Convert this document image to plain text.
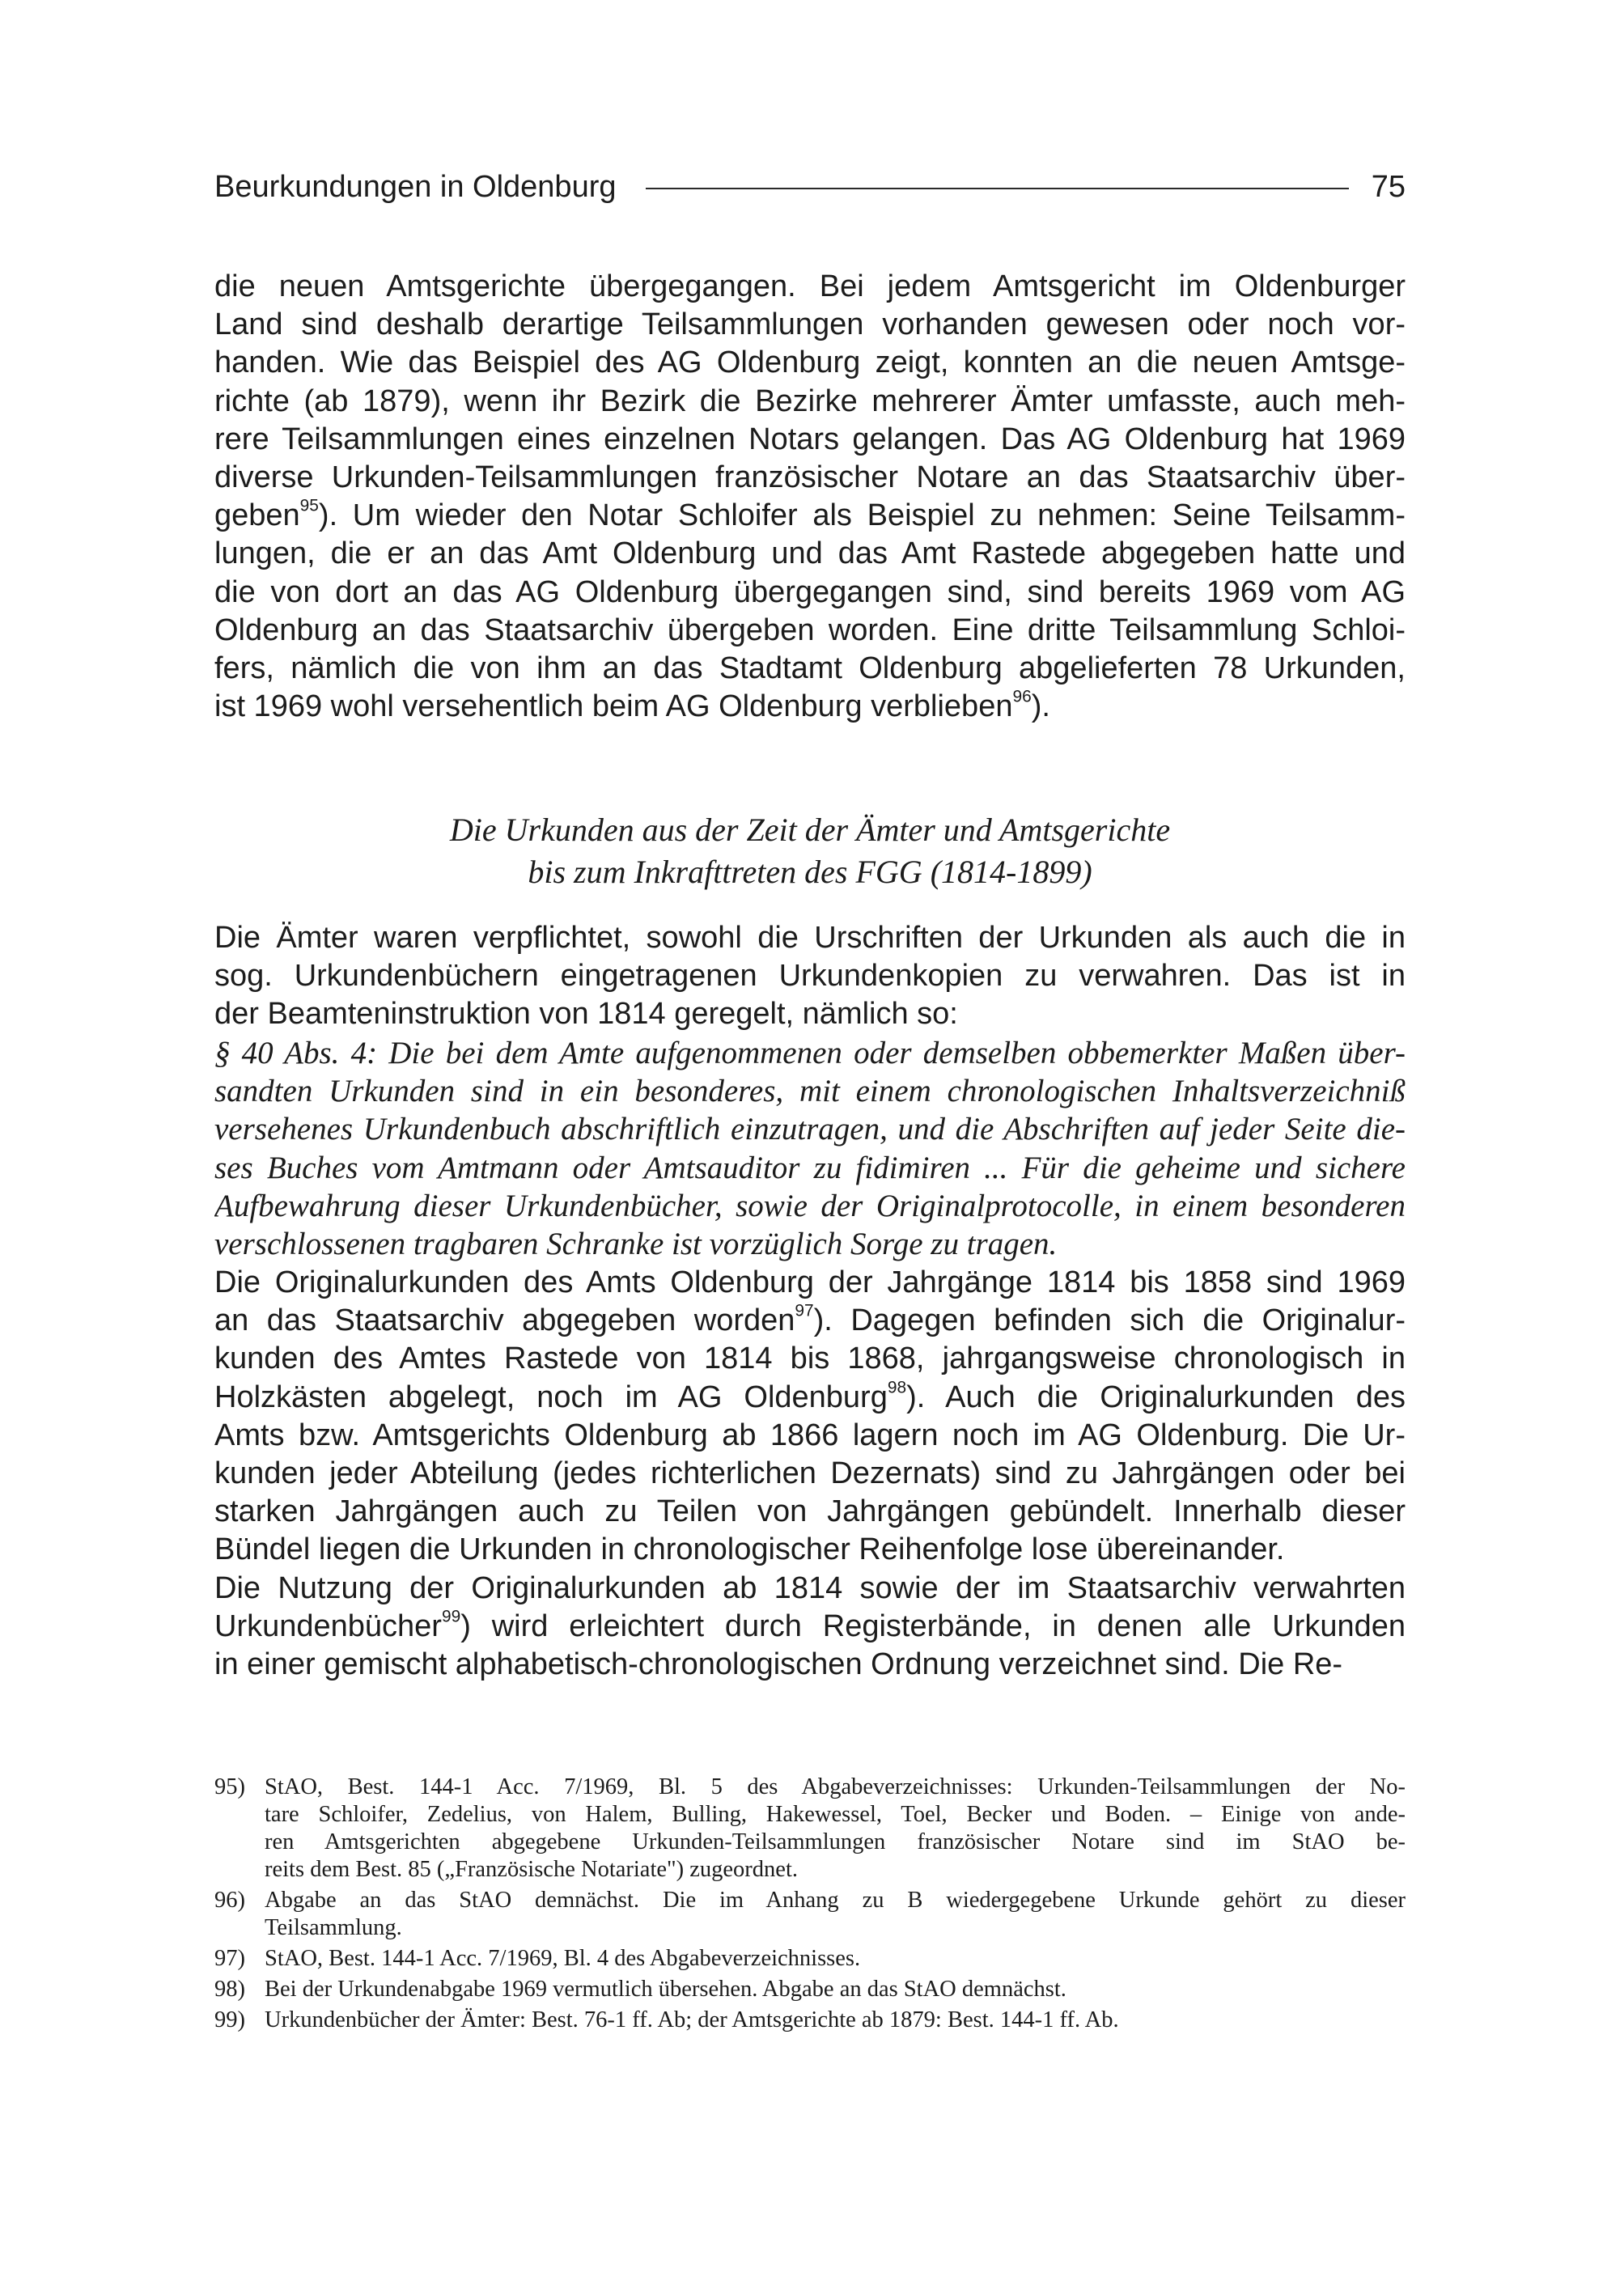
Beurkundungen in Oldenburg	75
die neuen Amtsgerichte übergegangen. Bei jedem Amtsgericht im Oldenburger
Land sind deshalb derartige Teilsammlungen vorhanden gewesen oder noch vor-
handen. Wie das Beispiel des AG Oldenburg zeigt, konnten an die neuen Amtsge-
richte (ab 1879), wenn ihr Bezirk die Bezirke mehrerer Ämter umfasste, auch meh-
rere Teilsammlungen eines einzelnen Notars gelangen. Das AG Oldenburg hat 1969
diverse Urkunden-Teilsammlungen französischer Notare an das Staatsarchiv über-
geben$^{95}$). Um wieder den Notar Schloifer als Beispiel zu nehmen: Seine Teilsamm-
lungen, die er an das Amt Oldenburg und das Amt Rastede abgegeben hatte und
die von dort an das AG Oldenburg übergegangen sind, sind bereits 1969 vom AG
Oldenburg an das Staatsarchiv übergeben worden. Eine dritte Teilsammlung Schloi-
fers, nämlich die von ihm an das Stadtamt Oldenburg abgelieferten 78 Urkunden,
ist 1969 wohl versehentlich beim AG Oldenburg verblieben$^{96}$).
Die Urkunden aus der Zeit der Ämter und Amtsgerichte
bis zum Inkrafttreten des FGG (1814-1899)
Die Ämter waren verpflichtet, sowohl die Urschriften der Urkunden als auch die in
sog. Urkundenbüchern eingetragenen Urkundenkopien zu verwahren. Das ist in
der Beamteninstruktion von 1814 geregelt, nämlich so:
§ 40 Abs. 4: Die bei dem Amte aufgenommenen oder demselben obbemerkter Maßen über-
sandten Urkunden sind in ein besonderes, mit einem chronologischen Inhaltsverzeichniß
versehenes Urkundenbuch abschriftlich einzutragen, und die Abschriften auf jeder Seite die-
ses Buches vom Amtmann oder Amtsauditor zu fidimiren ... Für die geheime und sichere
Aufbewahrung dieser Urkundenbücher, sowie der Originalprotocolle, in einem besonderen
verschlossenen tragbaren Schranke ist vorzüglich Sorge zu tragen.
Die Originalurkunden des Amts Oldenburg der Jahrgänge 1814 bis 1858 sind 1969
an das Staatsarchiv abgegeben worden$^{97}$). Dagegen befinden sich die Originalur-
kunden des Amtes Rastede von 1814 bis 1868, jahrgangsweise chronologisch in
Holzkästen abgelegt, noch im AG Oldenburg$^{98}$). Auch die Originalurkunden des
Amts bzw. Amtsgerichts Oldenburg ab 1866 lagern noch im AG Oldenburg. Die Ur-
kunden jeder Abteilung (jedes richterlichen Dezernats) sind zu Jahrgängen oder bei
starken Jahrgängen auch zu Teilen von Jahrgängen gebündelt. Innerhalb dieser
Bündel liegen die Urkunden in chronologischer Reihenfolge lose übereinander.
Die Nutzung der Originalurkunden ab 1814 sowie der im Staatsarchiv verwahrten
Urkundenbücher$^{99}$) wird erleichtert durch Registerbände, in denen alle Urkunden
in einer gemischt alphabetisch-chronologischen Ordnung verzeichnet sind. Die Re-
95) StAO, Best. 144-1 Acc. 7/1969, Bl. 5 des Abgabeverzeichnisses: Urkunden-Teilsammlungen der No-
tare Schloifer, Zedelius, von Halem, Bulling, Hakewessel, Toel, Becker und Boden. – Einige von ande-
ren Amtsgerichten abgegebene Urkunden-Teilsammlungen französischer Notare sind im StAO be-
reits dem Best. 85 („Französische Notariate") zugeordnet.
96) Abgabe an das StAO demnächst. Die im Anhang zu B wiedergegebene Urkunde gehört zu dieser
Teilsammlung.
97) StAO, Best. 144-1 Acc. 7/1969, Bl. 4 des Abgabeverzeichnisses.
98) Bei der Urkundenabgabe 1969 vermutlich übersehen. Abgabe an das StAO demnächst.
99) Urkundenbücher der Ämter: Best. 76-1 ff. Ab; der Amtsgerichte ab 1879: Best. 144-1 ff. Ab.
